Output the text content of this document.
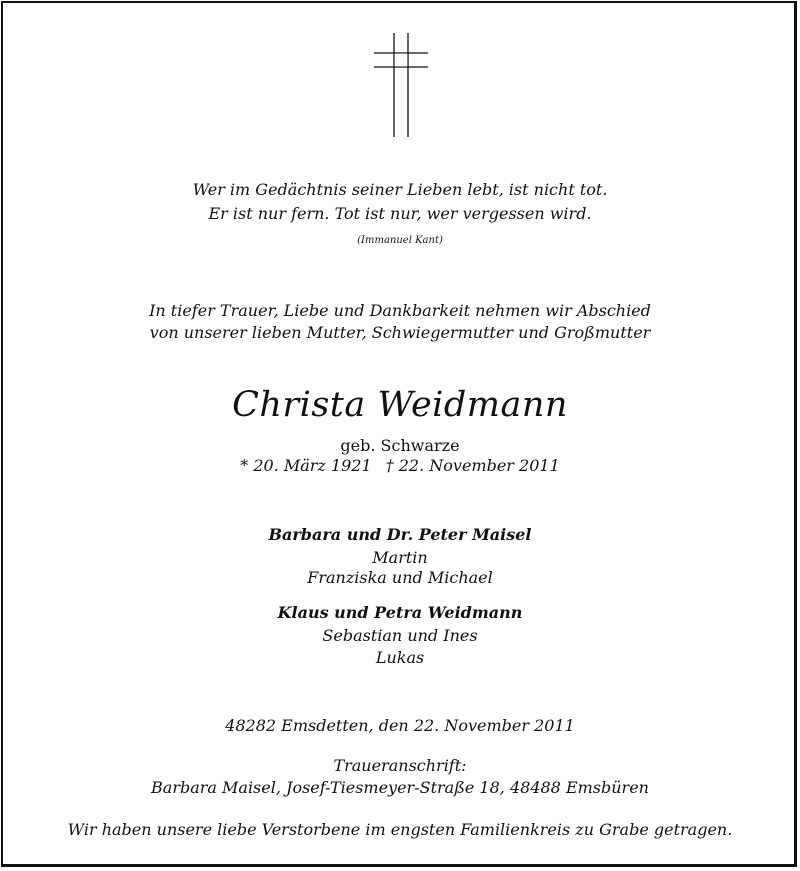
Wer im Gedächtnis seiner Lieben lebt, ist nicht tot.
Er ist nur fern. Tot ist nur, wer vergessen wird.
(Immanuel Kant)
In tiefer Trauer, Liebe und Dankbarkeit nehmen wir Abschied
von unserer lieben Mutter, Schwiegermutter und Großmutter
Christa Weidmann
geb. Schwarze
* 20. März 1921 † 22. November 2011
Barbara und Dr. Peter Maisel
Martin
Franziska und Michael
Klaus und Petra Weidmann
Sebastian und Ines
Lukas
48282 Emsdetten, den 22. November 2011
Traueranschrift:
Barbara Maisel, Josef-Tiesmeyer-Straße 18, 48488 Emsbüren
Wir haben unsere liebe Verstorbene im engsten Familienkreis zu Grabe getragen.
